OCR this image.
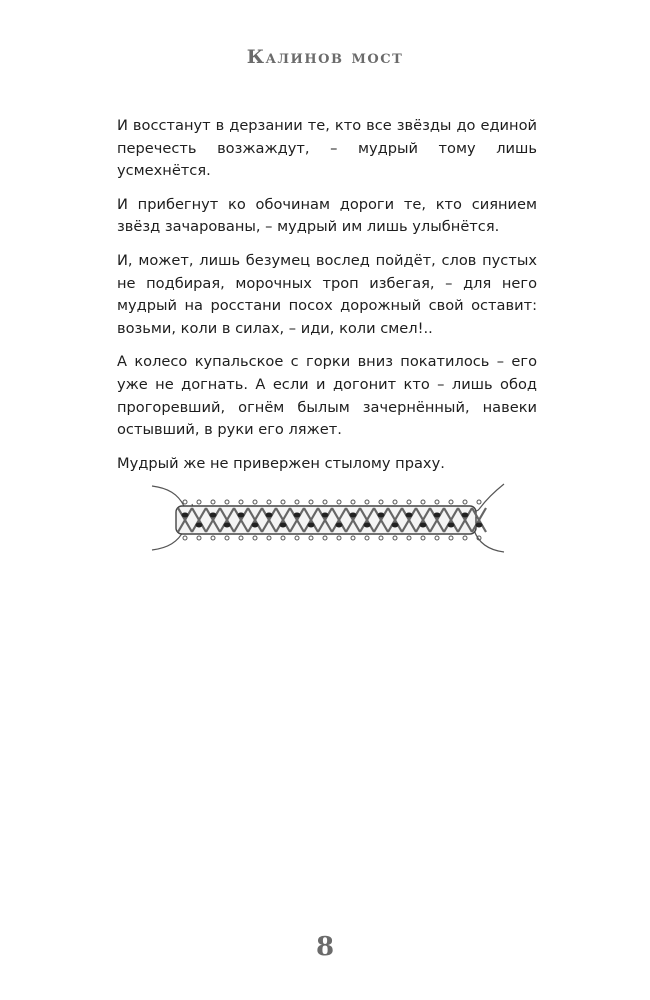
Калинов мост

И восстанут в дерзании те, кто все звёзды до единой перечесть возжаждут, – мудрый тому лишь усмехнётся.

И прибегнут ко обочинам дороги те, кто сиянием звёзд зачарованы, – мудрый им лишь улыбнётся.

И, может, лишь безумец вослед пойдёт, слов пустых не подбирая, морочных троп избегая, – для него мудрый на росстани посох дорожный свой оставит: возьми, коли в силах, – иди, коли смел!..

А колесо купальское с горки вниз покатилось – его уже не догнать. А если и догонит кто – лишь обод прогоревший, огнём былым зачернённый, навеки остывший, в руки его ляжет.

Мудрый же не привержен стылому праху.

8
